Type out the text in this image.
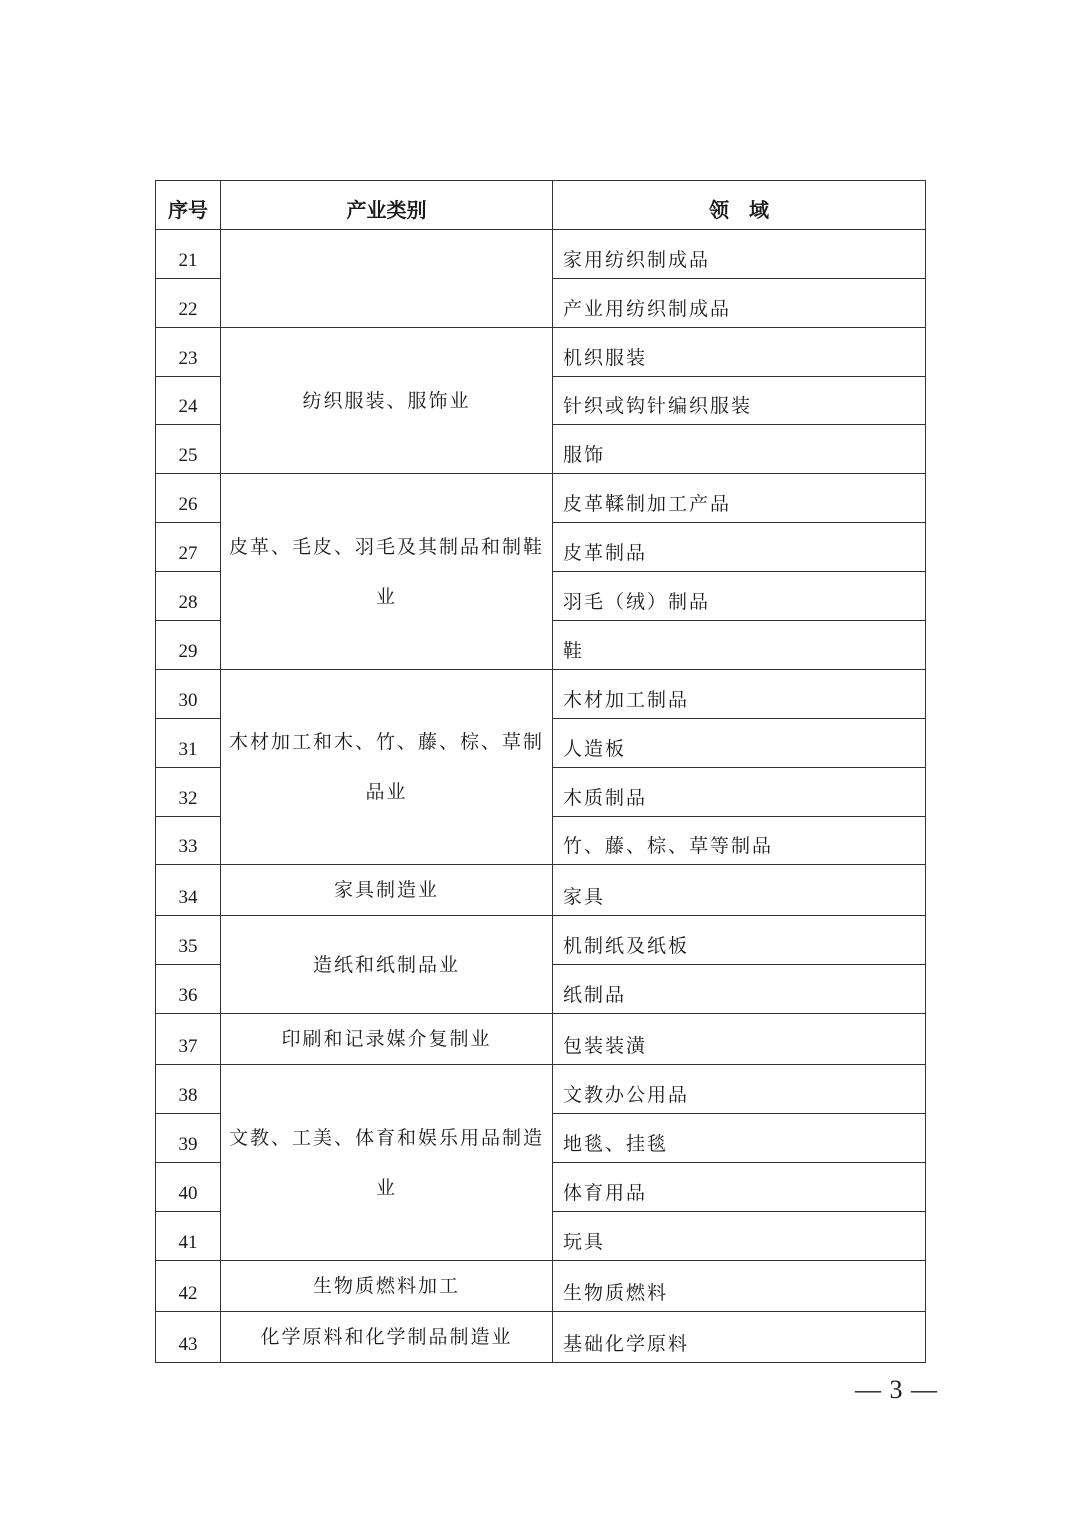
序号	产业类别	领　域
21		家用纺织制成品
22		产业用纺织制成品
23	纺织服装、服饰业	机织服装
24		针织或钩针编织服装
25		服饰
26	皮革、毛皮、羽毛及其制品和制鞋业	皮革鞣制加工产品
27		皮革制品
28		羽毛（绒）制品
29		鞋
30	木材加工和木、竹、藤、棕、草制品业	木材加工制品
31		人造板
32		木质制品
33		竹、藤、棕、草等制品
34	家具制造业	家具
35	造纸和纸制品业	机制纸及纸板
36		纸制品
37	印刷和记录媒介复制业	包装装潢
38	文教、工美、体育和娱乐用品制造业	文教办公用品
39		地毯、挂毯
40		体育用品
41		玩具
42	生物质燃料加工	生物质燃料
43	化学原料和化学制品制造业	基础化学原料
— 3 —
